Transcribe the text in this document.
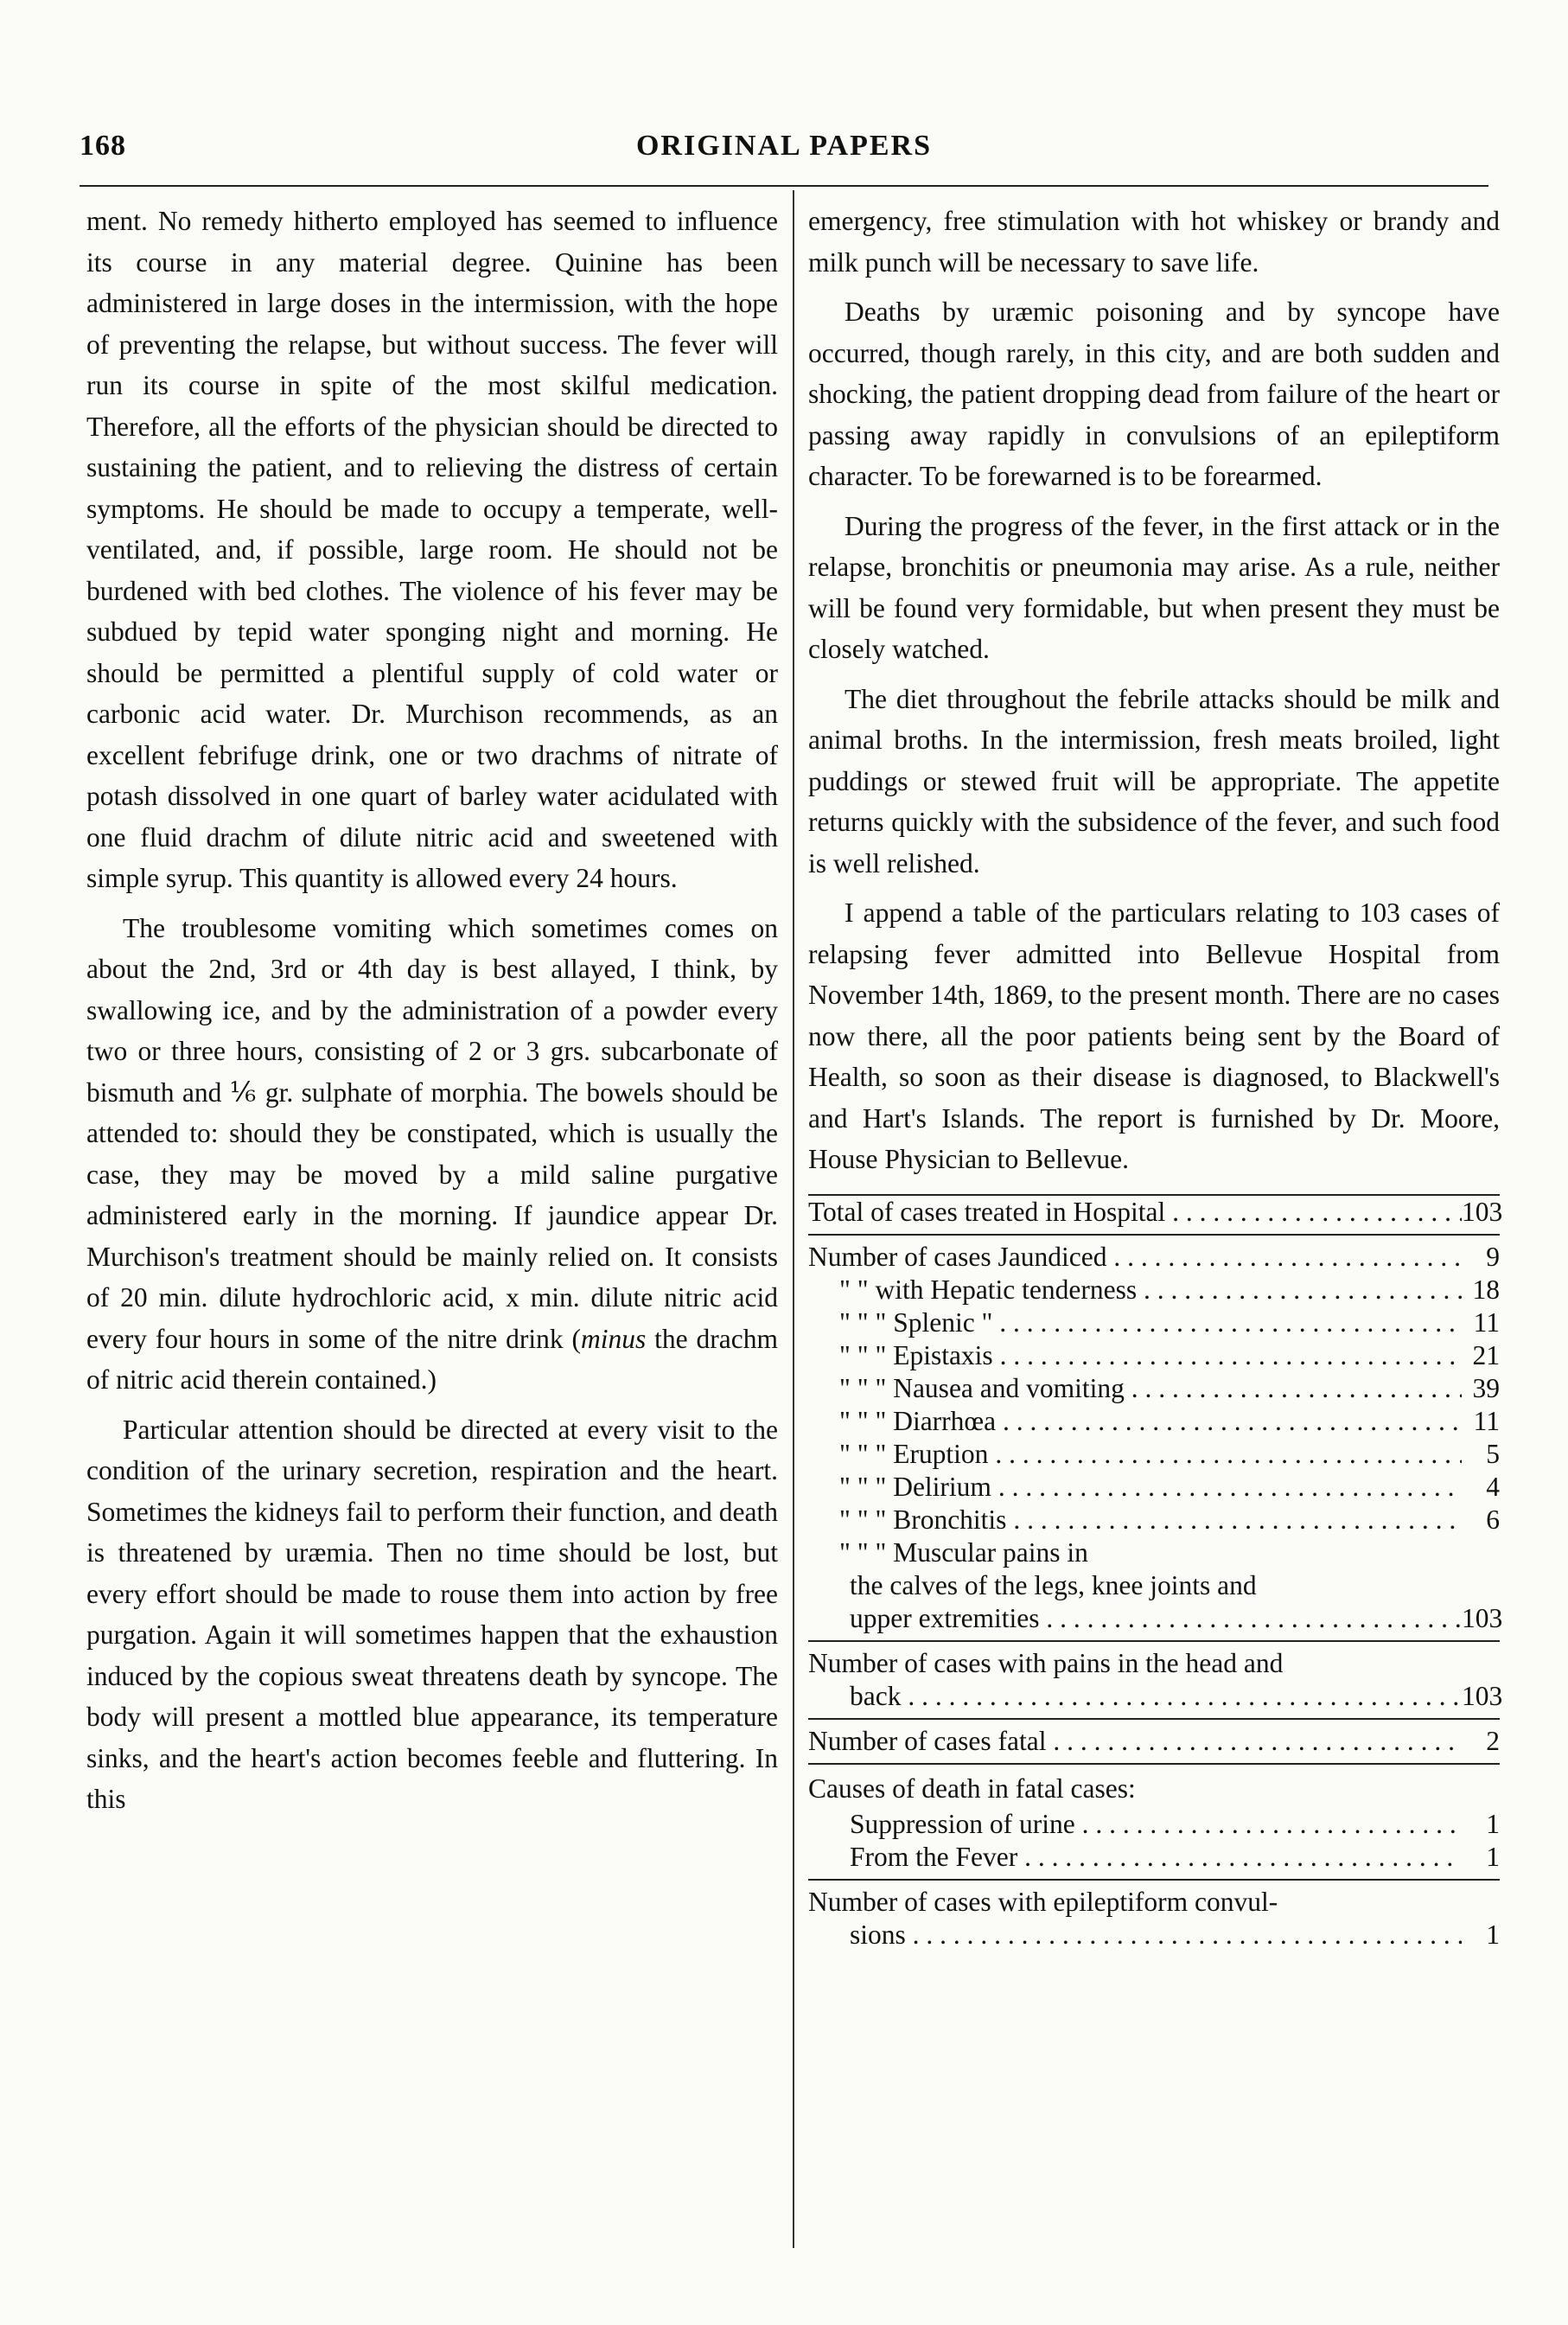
168	ORIGINAL PAPERS

ment. No remedy hitherto employed has seemed to influence its course in any material degree. Quinine has been administered in large doses in the intermission, with the hope of preventing the relapse, but without success. The fever will run its course in spite of the most skilful medication. Therefore, all the efforts of the physician should be directed to sustaining the patient, and to relieving the distress of certain symptoms. He should be made to occupy a temperate, well-ventilated, and, if possible, large room. He should not be burdened with bed clothes. The violence of his fever may be subdued by tepid water sponging night and morning. He should be permitted a plentiful supply of cold water or carbonic acid water. Dr. Murchison recommends, as an excellent febrifuge drink, one or two drachms of nitrate of potash dissolved in one quart of barley water acidulated with one fluid drachm of dilute nitric acid and sweetened with simple syrup. This quantity is allowed every 24 hours.

The troublesome vomiting which sometimes comes on about the 2nd, 3rd or 4th day is best allayed, I think, by swallowing ice, and by the administration of a powder every two or three hours, consisting of 2 or 3 grs. subcarbonate of bismuth and ⅙ gr. sulphate of morphia. The bowels should be attended to: should they be constipated, which is usually the case, they may be moved by a mild saline purgative administered early in the morning. If jaundice appear Dr. Murchison's treatment should be mainly relied on. It consists of 20 min. dilute hydrochloric acid, x min. dilute nitric acid every four hours in some of the nitre drink (minus the drachm of nitric acid therein contained.)

Particular attention should be directed at every visit to the condition of the urinary secretion, respiration and the heart. Sometimes the kidneys fail to perform their function, and death is threatened by uræmia. Then no time should be lost, but every effort should be made to rouse them into action by free purgation. Again it will sometimes happen that the exhaustion induced by the copious sweat threatens death by syncope. The body will present a mottled blue appearance, its temperature sinks, and the heart's action becomes feeble and fluttering. In this

emergency, free stimulation with hot whiskey or brandy and milk punch will be necessary to save life.

Deaths by uræmic poisoning and by syncope have occurred, though rarely, in this city, and are both sudden and shocking, the patient dropping dead from failure of the heart or passing away rapidly in convulsions of an epileptiform character. To be forewarned is to be forearmed.

During the progress of the fever, in the first attack or in the relapse, bronchitis or pneumonia may arise. As a rule, neither will be found very formidable, but when present they must be closely watched.

The diet throughout the febrile attacks should be milk and animal broths. In the intermission, fresh meats broiled, light puddings or stewed fruit will be appropriate. The appetite returns quickly with the subsidence of the fever, and such food is well relished.

I append a table of the particulars relating to 103 cases of relapsing fever admitted into Bellevue Hospital from November 14th, 1869, to the present month. There are no cases now there, all the poor patients being sent by the Board of Health, so soon as their disease is diagnosed, to Blackwell's and Hart's Islands. The report is furnished by Dr. Moore, House Physician to Bellevue.

Total of cases treated in Hospital . . .	103
Number of cases Jaundiced . . .	9
" " with Hepatic tenderness . . .	18
" " " Splenic " . . .	11
" " " Epistaxis . . .	21
" " " Nausea and vomiting . . .	39
" " " Diarrhœa . . .	11
" " " Eruption . . .	5
" " " Delirium . . .	4
" " " Bronchitis . . .	6
" " " Muscular pains in
the calves of the legs, knee joints and
upper extremities . . .	103
Number of cases with pains in the head and
back . . .	103
Number of cases fatal . . .	2
Causes of death in fatal cases:
Suppression of urine . . .	1
From the Fever . . .	1
Number of cases with epileptiform convul-
sions . . .	1
